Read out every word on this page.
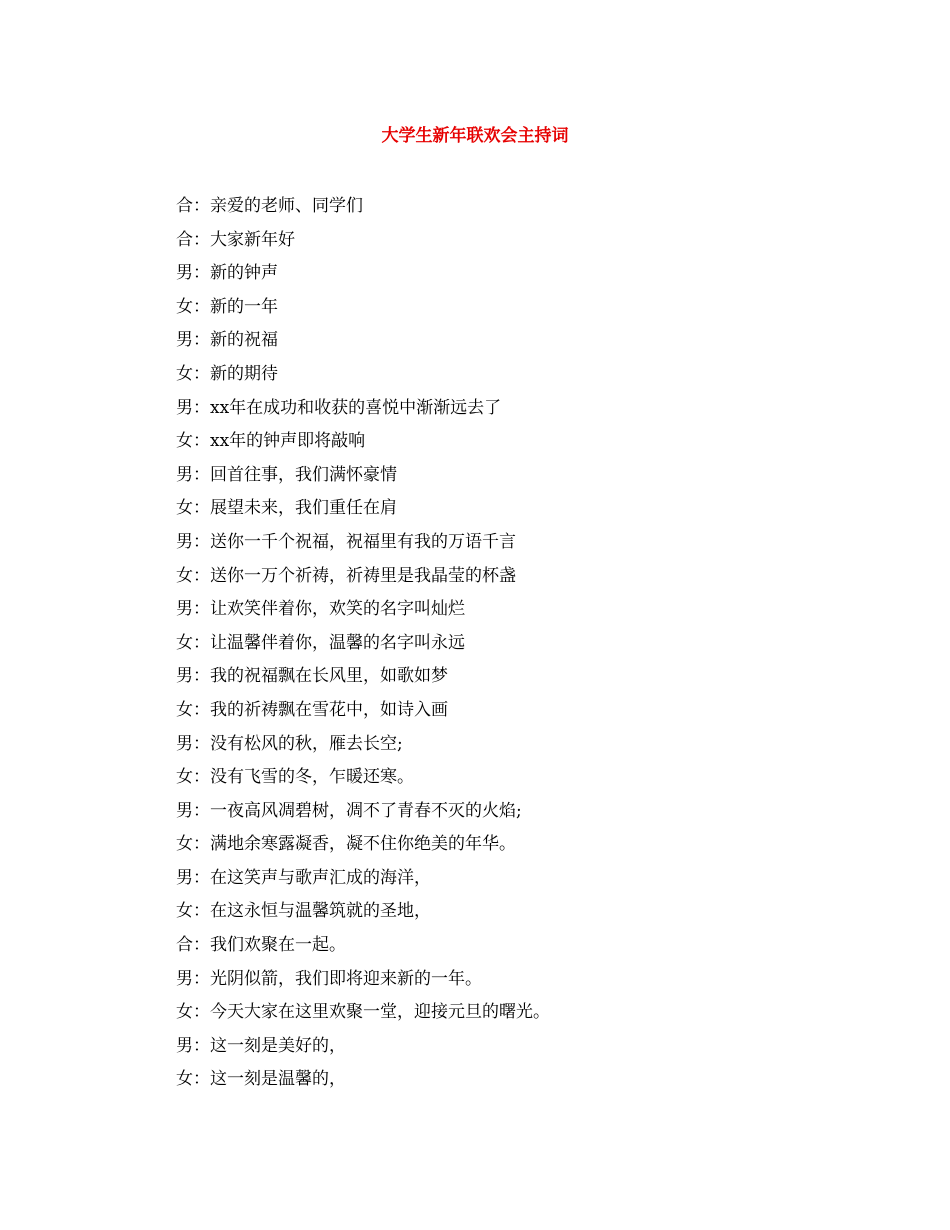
大学生新年联欢会主持词
合：亲爱的老师、同学们
合：大家新年好
男：新的钟声
女：新的一年
男：新的祝福
女：新的期待
男：xx年在成功和收获的喜悦中渐渐远去了
女：xx年的钟声即将敲响
男：回首往事，我们满怀豪情
女：展望未来，我们重任在肩
男：送你一千个祝福，祝福里有我的万语千言
女：送你一万个祈祷，祈祷里是我晶莹的杯盏
男：让欢笑伴着你，欢笑的名字叫灿烂
女：让温馨伴着你，温馨的名字叫永远
男：我的祝福飘在长风里，如歌如梦
女：我的祈祷飘在雪花中，如诗入画
男：没有松风的秋，雁去长空;
女：没有飞雪的冬，乍暖还寒。
男：一夜高风凋碧树，凋不了青春不灭的火焰;
女：满地余寒露凝香，凝不住你绝美的年华。
男：在这笑声与歌声汇成的海洋，
女：在这永恒与温馨筑就的圣地，
合：我们欢聚在一起。
男：光阴似箭，我们即将迎来新的一年。
女：今天大家在这里欢聚一堂，迎接元旦的曙光。
男：这一刻是美好的，
女：这一刻是温馨的，
